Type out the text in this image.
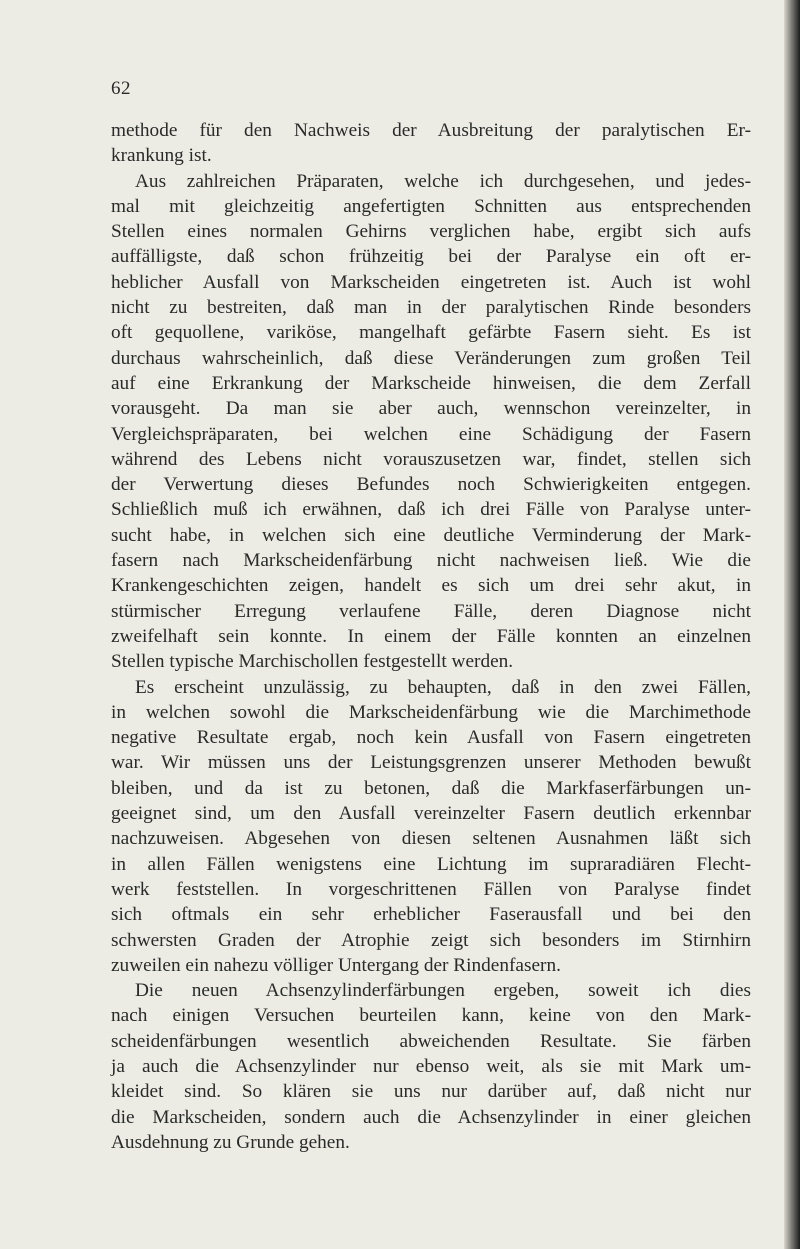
62
methode für den Nachweis der Ausbreitung der paralytischen Er-
krankung ist.
Aus zahlreichen Präparaten, welche ich durchgesehen, und jedes-
mal mit gleichzeitig angefertigten Schnitten aus entsprechenden
Stellen eines normalen Gehirns verglichen habe, ergibt sich aufs
auffälligste, daß schon frühzeitig bei der Paralyse ein oft er-
heblicher Ausfall von Markscheiden eingetreten ist. Auch ist wohl
nicht zu bestreiten, daß man in der paralytischen Rinde besonders
oft gequollene, variköse, mangelhaft gefärbte Fasern sieht. Es ist
durchaus wahrscheinlich, daß diese Veränderungen zum großen Teil
auf eine Erkrankung der Markscheide hinweisen, die dem Zerfall
vorausgeht. Da man sie aber auch, wennschon vereinzelter, in
Vergleichspräparaten, bei welchen eine Schädigung der Fasern
während des Lebens nicht vorauszusetzen war, findet, stellen sich
der Verwertung dieses Befundes noch Schwierigkeiten entgegen.
Schließlich muß ich erwähnen, daß ich drei Fälle von Paralyse unter-
sucht habe, in welchen sich eine deutliche Verminderung der Mark-
fasern nach Markscheidenfärbung nicht nachweisen ließ. Wie die
Krankengeschichten zeigen, handelt es sich um drei sehr akut, in
stürmischer Erregung verlaufene Fälle, deren Diagnose nicht
zweifelhaft sein konnte. In einem der Fälle konnten an einzelnen
Stellen typische Marchischollen festgestellt werden.
Es erscheint unzulässig, zu behaupten, daß in den zwei Fällen,
in welchen sowohl die Markscheidenfärbung wie die Marchimethode
negative Resultate ergab, noch kein Ausfall von Fasern eingetreten
war. Wir müssen uns der Leistungsgrenzen unserer Methoden bewußt
bleiben, und da ist zu betonen, daß die Markfaserfärbungen un-
geeignet sind, um den Ausfall vereinzelter Fasern deutlich erkennbar
nachzuweisen. Abgesehen von diesen seltenen Ausnahmen läßt sich
in allen Fällen wenigstens eine Lichtung im supraradiären Flecht-
werk feststellen. In vorgeschrittenen Fällen von Paralyse findet
sich oftmals ein sehr erheblicher Faserausfall und bei den
schwersten Graden der Atrophie zeigt sich besonders im Stirnhirn
zuweilen ein nahezu völliger Untergang der Rindenfasern.
Die neuen Achsenzylinderfärbungen ergeben, soweit ich dies
nach einigen Versuchen beurteilen kann, keine von den Mark-
scheidenfärbungen wesentlich abweichenden Resultate. Sie färben
ja auch die Achsenzylinder nur ebenso weit, als sie mit Mark um-
kleidet sind. So klären sie uns nur darüber auf, daß nicht nur
die Markscheiden, sondern auch die Achsenzylinder in einer gleichen
Ausdehnung zu Grunde gehen.
